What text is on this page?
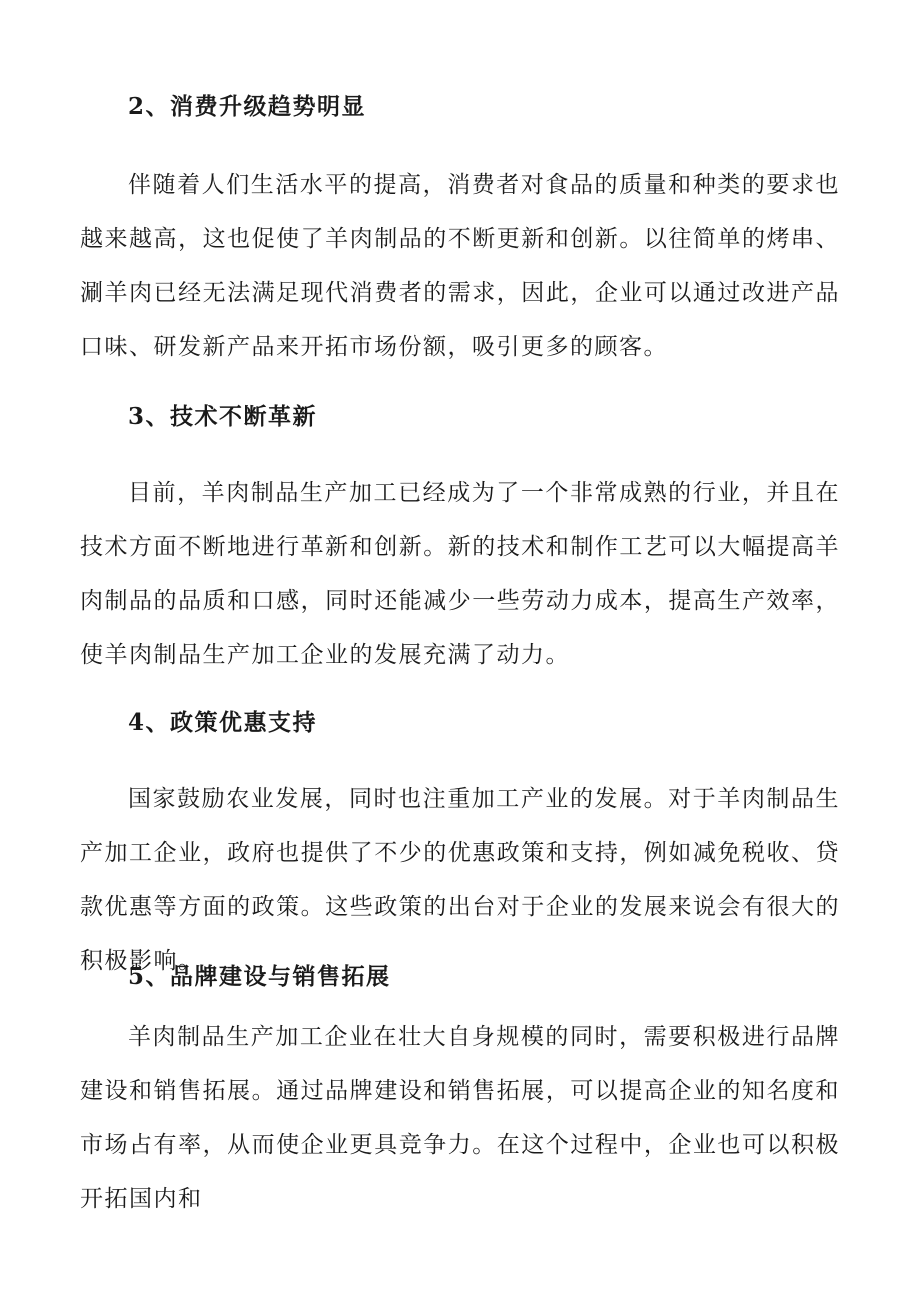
2、消费升级趋势明显

伴随着人们生活水平的提高，消费者对食品的质量和种类的要求也越来越高，这也促使了羊肉制品的不断更新和创新。以往简单的烤串、涮羊肉已经无法满足现代消费者的需求，因此，企业可以通过改进产品口味、研发新产品来开拓市场份额，吸引更多的顾客。

3、技术不断革新

目前，羊肉制品生产加工已经成为了一个非常成熟的行业，并且在技术方面不断地进行革新和创新。新的技术和制作工艺可以大幅提高羊肉制品的品质和口感，同时还能减少一些劳动力成本，提高生产效率，使羊肉制品生产加工企业的发展充满了动力。

4、政策优惠支持

国家鼓励农业发展，同时也注重加工产业的发展。对于羊肉制品生产加工企业，政府也提供了不少的优惠政策和支持，例如减免税收、贷款优惠等方面的政策。这些政策的出台对于企业的发展来说会有很大的积极影响。

5、品牌建设与销售拓展

羊肉制品生产加工企业在壮大自身规模的同时，需要积极进行品牌建设和销售拓展。通过品牌建设和销售拓展，可以提高企业的知名度和市场占有率，从而使企业更具竞争力。在这个过程中，企业也可以积极开拓国内和
